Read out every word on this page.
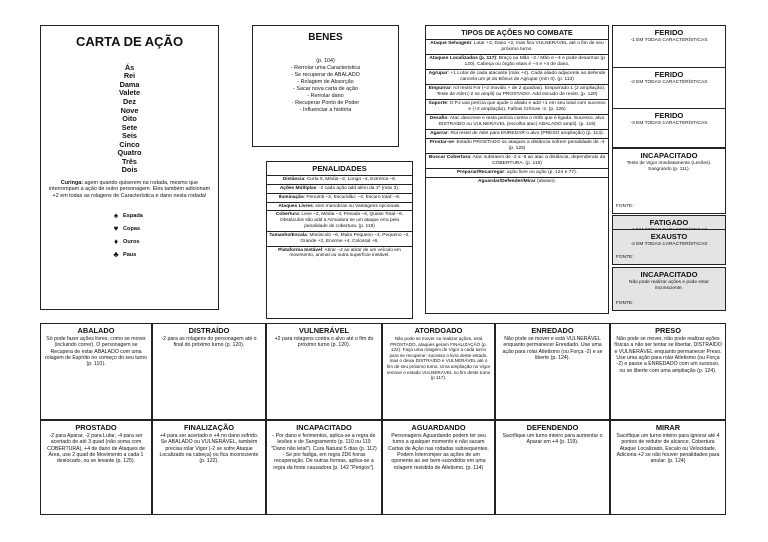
CARTA DE AÇÃO
Ás
Rei
Dama
Valete
Dez
Nove
Oito
Sete
Seis
Cinco
Quatro
Três
Dois
Curinga: agem quando quiserem na rodada, mesmo que interrompam a ação de outro personagem. Eles também adicionam +2 em todas as rolagens de Característica e dano nesta rodada!
♠ Espada
♥ Copas
♦ Ouros
♣ Paus
BENES
(p. 104)
- Rerrolar uma Caracteristica
- Se recuperar de ABALADO
- Rolagem de Absorção
- Sacar nova carta de ação
- Rerrolar dano
- Recuperar Ponto de Poder
- Influenciar a história
PENALIDADES
Distância: Curta 0, Média –2, Longa –4, Extrema –8.
Ações Múltiplas: -2 cada ação add além da 1ª (máx 3).
Iluminação: Penumb –2, Escuridão: –4; Escuro total: –6.
Ataques Livres: sem manobras ou Vantagens opcionais.
Cobertura: Leve −2, Média −4, Pesada −6, Quase Total −8. Obstáculos são add a Armadura se um ataque erra pela penalidade de cobertura. (p. 118)
Tamanho/Escala: Minúsculo −6, Muito Pequeno −4, Pequeno −2, Grande +2, Enorme +4, Colossal +6.
Plataforma Instável: Atirar −2 ao atirar de um veículo em movimento, animal ou outra superfície instável.
TIPOS DE AÇÕES NO COMBATE
Ataque Selvagem: Lutar +2, Dano +2, mas fica VULNERÁVEL até o fim de seu próximo turno.
Ataques Localizados (p. 117): Braço ou Mão −2 / Mão e −4 e pode desarmar (p 120). Cabeça ou órgão vitais é −4 e +4 de dano.
Agrupar: +1 Lutar de cada atacante (máx +4). Cada aliado adjacente ao defende cancela um pt do Bônus de Agrupar (mín 0). (p. 113)
Empurrar: rol resist For (+2 movido + de 2 quadras). Empurrado 1 (2 ampliação). Teste de Atlet (-2 se ampli) ou PROSTADO. Add escudo de resist. (p. 120)
Suporte: O PJ usa perícia que ajude o aliado e add +1 em seu total com sucesso e (+2 ampliação). Falhas Críticas -2. (p. 126)
Desafio: Atac descreve e testa perícia contra o Atrib que é ligada. Sucesso, alvo DISTRAÍDO ou VULNERÁVEL (escolha atac) ABALADO ampli). (p. 119)
Agarrar: Rol resist de Atlet para ENREDAR o alvo (PRESO ampliação) (p. 113).
Prostar-se: Estado PROSTADO os ataques a distância sofrem penalidade de -4 (p. 125)
Buscar Cobertura: Atac subtraem de -2 a -8 ao atac a distância, dependendo da COBERTURA. (p. 118)
Preparar/Recarregar: ação livre ou ação (p. 124 e 77).
Aguardar/Defender/Mirar (abaixo).
FERIDO
-1 EM TODAS CARACTERÍSTICAS
FERIDO
-2 EM TODAS CARACTERÍSTICAS
FERIDO
-3 EM TODAS CARACTERÍSTICAS
INCAPACITADO
Teste de Vigor imediatamente (Lesões). Sangrando (p. 111).
FONTE:
FATIGADO
EXAUSTO
-2 EM TODAS CARACTERÍSTICAS
FONTE:
INCAPACITADO
Não pode realizar ações e pode estar inconsciente.
FONTE:
ABALADO
Só pode fazer ações livres, como se mover (incluindo correr). O personagem se Recupera de estar ABALADO com uma rolagem de Espírito no começo do seu turno (p. 110).
DISTRAÍDO
-2 para as rolagens do personagem até o final do próximo turno (p. 120).
VULNERÁVEL
+2 para rolagens contra o alvo até o fim do próximo turno (p. 120).
ATORDOADO
Não pode se mover ou realizar ações, está PROSTADO, ataques geram FINALIZAÇÃO (p. 122). Faça uma rolagem de Vigor a cada turno para se recuperar: sucesso o livra deste estado, mas o deixa DISTRAÍDO e VULNERÁVEL até o fim de seu próximo turno. Uma ampliação no Vigor remove o estado VULNERÁVEL no fim deste turno (p 117).
ENREDADO
Não pode se mover e está VULNERÁVEL enquanto permanecer Enredado. Use uma ação para rolar Atletismo (ou Força -2) e se liberte (p. 124).
PRESO
Não pode se mover, não pode realizar ações físicas a não ser tentar se libertar, DISTRAÍDO e VULNERÁVEL enquanto permanecer Preso. Use uma ação para rolar Atletismo (ou Força -2) e passe a ENREDADO com um sucesso, ou se liberte com uma ampliação (p. 124).
PROSTADO
-2 para Aparar, -2 para Lutar, -4 para ser acertado de até 3 quad (não soma com COBERTURA), +4 de dano de Ataques de Área, use 2 quad de Movimento a cada 1 deslocado, ou se levante (p. 125).
FINALIZAÇÃO
+4 para ser acertado e +4 no dano sofrido. Se ABALADO ou VULNERÁVEL, também precisa rolar Vigor (-2 se sofre Ataque Localizado na cabeça) ou fica inconsciente (p. 122).
INCAPACITADO
- Por dano e ferimentos, aplica-se a regra de lesões e de Sangramento (p. 110 ou 119 "Dano não letal"). Cura Natural 5 dias (p. 112) - Se por fadiga, em regra 2D6 horas recuperação. De outras formas, aplica-se a regra da fonte causadora (p. 142 "Perigos").
AGUARDANDO
Personagens Aguardando podem ter seu turno a qualquer momento e não sacam Cartas de Ação nas rodadas subsequentes. Podem Interromper as ações de um oponente ao ser bem-sucedidos em uma rolagem resistida de Atletismo. (p. 114)
DEFENDENDO
Sacrifique um turno inteiro para aumentar o Aparar em +4 (p. 119).
MIRAR
Sacrifique um turno inteiro para ignorar até 4 pontos de redutor de alcance, Cobertura Ataque Localizado, Escalo ou Velocidade. Adiciona +2 se não houver penalidades para anular. (p. 124)
